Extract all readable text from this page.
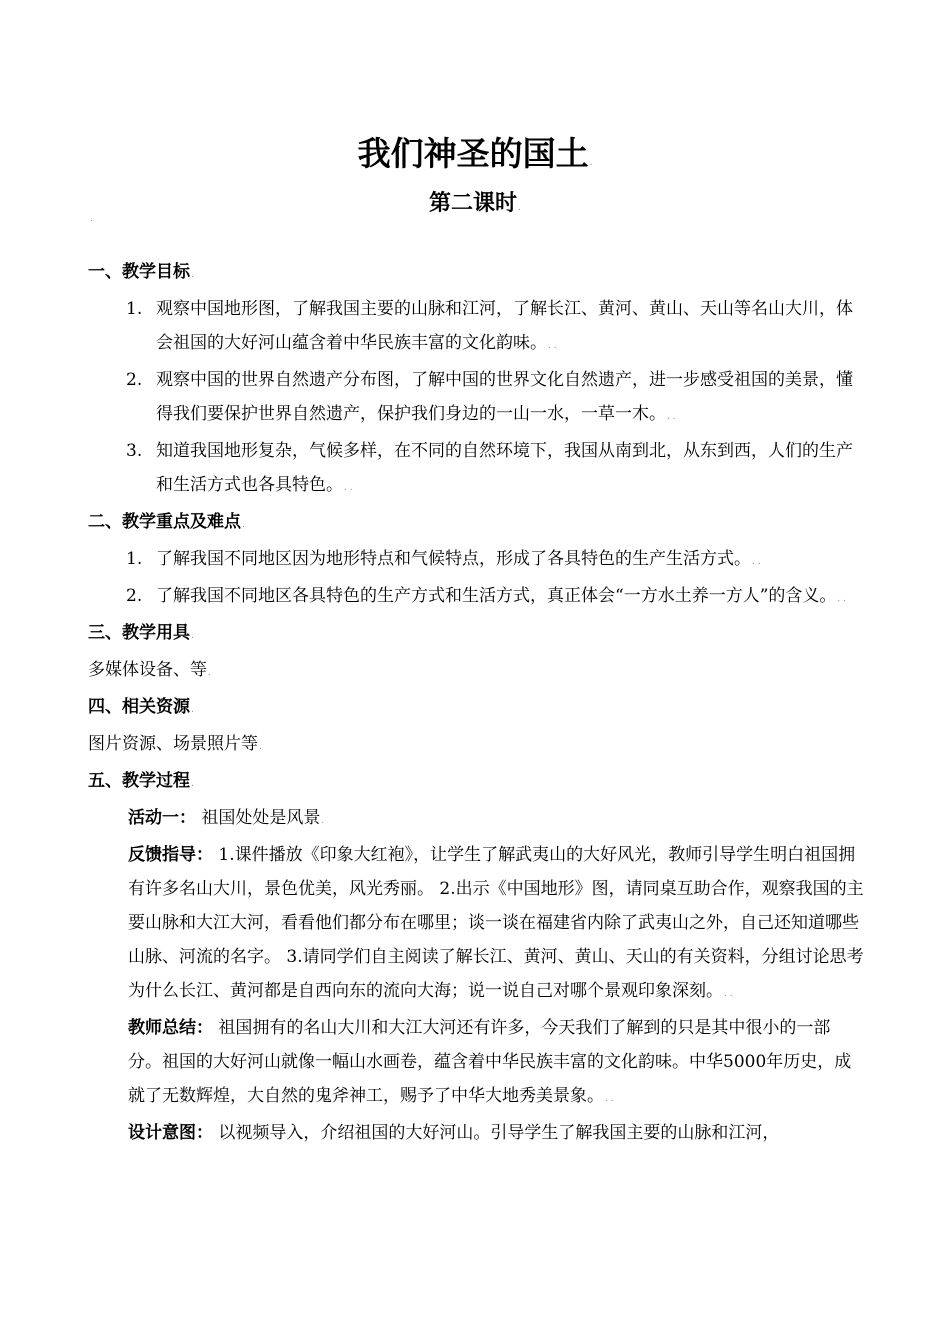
我们神圣的国土.
第二课时.
.
一、教学目标.
1. 观察中国地形图，了解我国主要的山脉和江河，了解长江、黄河、黄山、天山等名山大川，体会祖国的大好河山蕴含着中华民族丰富的文化韵味。. .
2. 观察中国的世界自然遗产分布图，了解中国的世界文化自然遗产，进一步感受祖国的美景，懂得我们要保护世界自然遗产，保护我们身边的一山一水，一草一木。. .
3. 知道我国地形复杂，气候多样，在不同的自然环境下，我国从南到北，从东到西，人们的生产和生活方式也各具特色。. .
二、教学重点及难点.
1. 了解我国不同地区因为地形特点和气候特点，形成了各具特色的生产生活方式。. .
2. 了解我国不同地区各具特色的生产方式和生活方式，真正体会“一方水土养一方人”的含义。. .
三、教学用具.
多媒体设备、等.
四、相关资源.
图片资源、场景照片等.
五、教学过程.
活动一： 祖国处处是风景.
反馈指导： 1.课件播放《印象大红袍》，让学生了解武夷山的大好风光，教师引导学生明白祖国拥有许多名山大川，景色优美，风光秀丽。 2.出示《中国地形》图，请同桌互助合作，观察我国的主要山脉和大江大河，看看他们都分布在哪里；谈一谈在福建省内除了武夷山之外，自己还知道哪些山脉、河流的名字。 3.请同学们自主阅读了解长江、黄河、黄山、天山的有关资料，分组讨论思考为什么长江、黄河都是自西向东的流向大海；说一说自己对哪个景观印象深刻。. .
教师总结： 祖国拥有的名山大川和大江大河还有许多，今天我们了解到的只是其中很小的一部分。祖国的大好河山就像一幅山水画卷，蕴含着中华民族丰富的文化韵味。中华5000年历史，成就了无数辉煌，大自然的鬼斧神工，赐予了中华大地秀美景象。. .
设计意图： 以视频导入，介绍祖国的大好河山。引导学生了解我国主要的山脉和江河，
